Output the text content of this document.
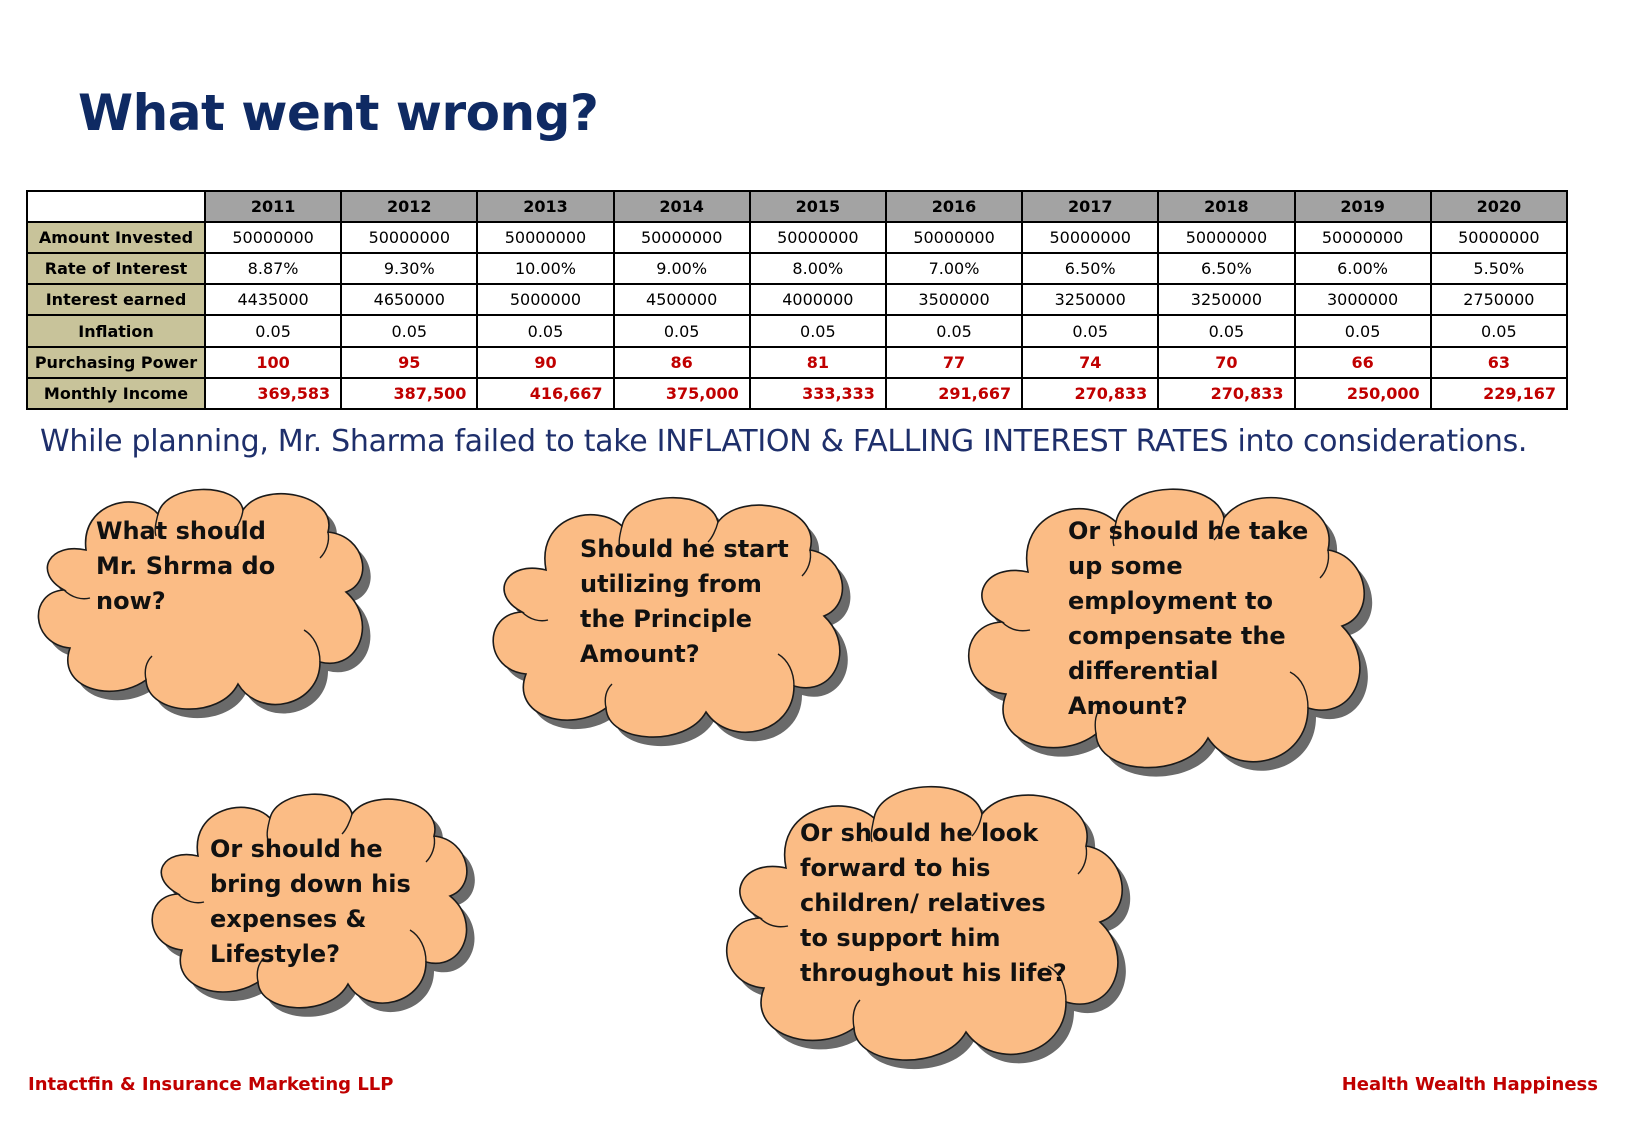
What went wrong?
	2011	2012	2013	2014	2015	2016	2017	2018	2019	2020
Amount Invested	50000000	50000000	50000000	50000000	50000000	50000000	50000000	50000000	50000000	50000000
Rate of Interest	8.87%	9.30%	10.00%	9.00%	8.00%	7.00%	6.50%	6.50%	6.00%	5.50%
Interest earned	4435000	4650000	5000000	4500000	4000000	3500000	3250000	3250000	3000000	2750000
Inflation	0.05	0.05	0.05	0.05	0.05	0.05	0.05	0.05	0.05	0.05
Purchasing Power	100	95	90	86	81	77	74	70	66	63
Monthly Income	369,583	387,500	416,667	375,000	333,333	291,667	270,833	270,833	250,000	229,167
While planning, Mr. Sharma failed to take INFLATION & FALLING INTEREST RATES into considerations.
What should
Mr. Shrma do
now?
Should he start
utilizing from
the Principle
Amount?
Or should he take
up some
employment to
compensate the
differential
Amount?
Or should he
bring down his
expenses &
Lifestyle?
Or should he look
forward to his
children/ relatives
to support him
throughout his life?
Intactfin & Insurance Marketing LLP	Health Wealth Happiness
